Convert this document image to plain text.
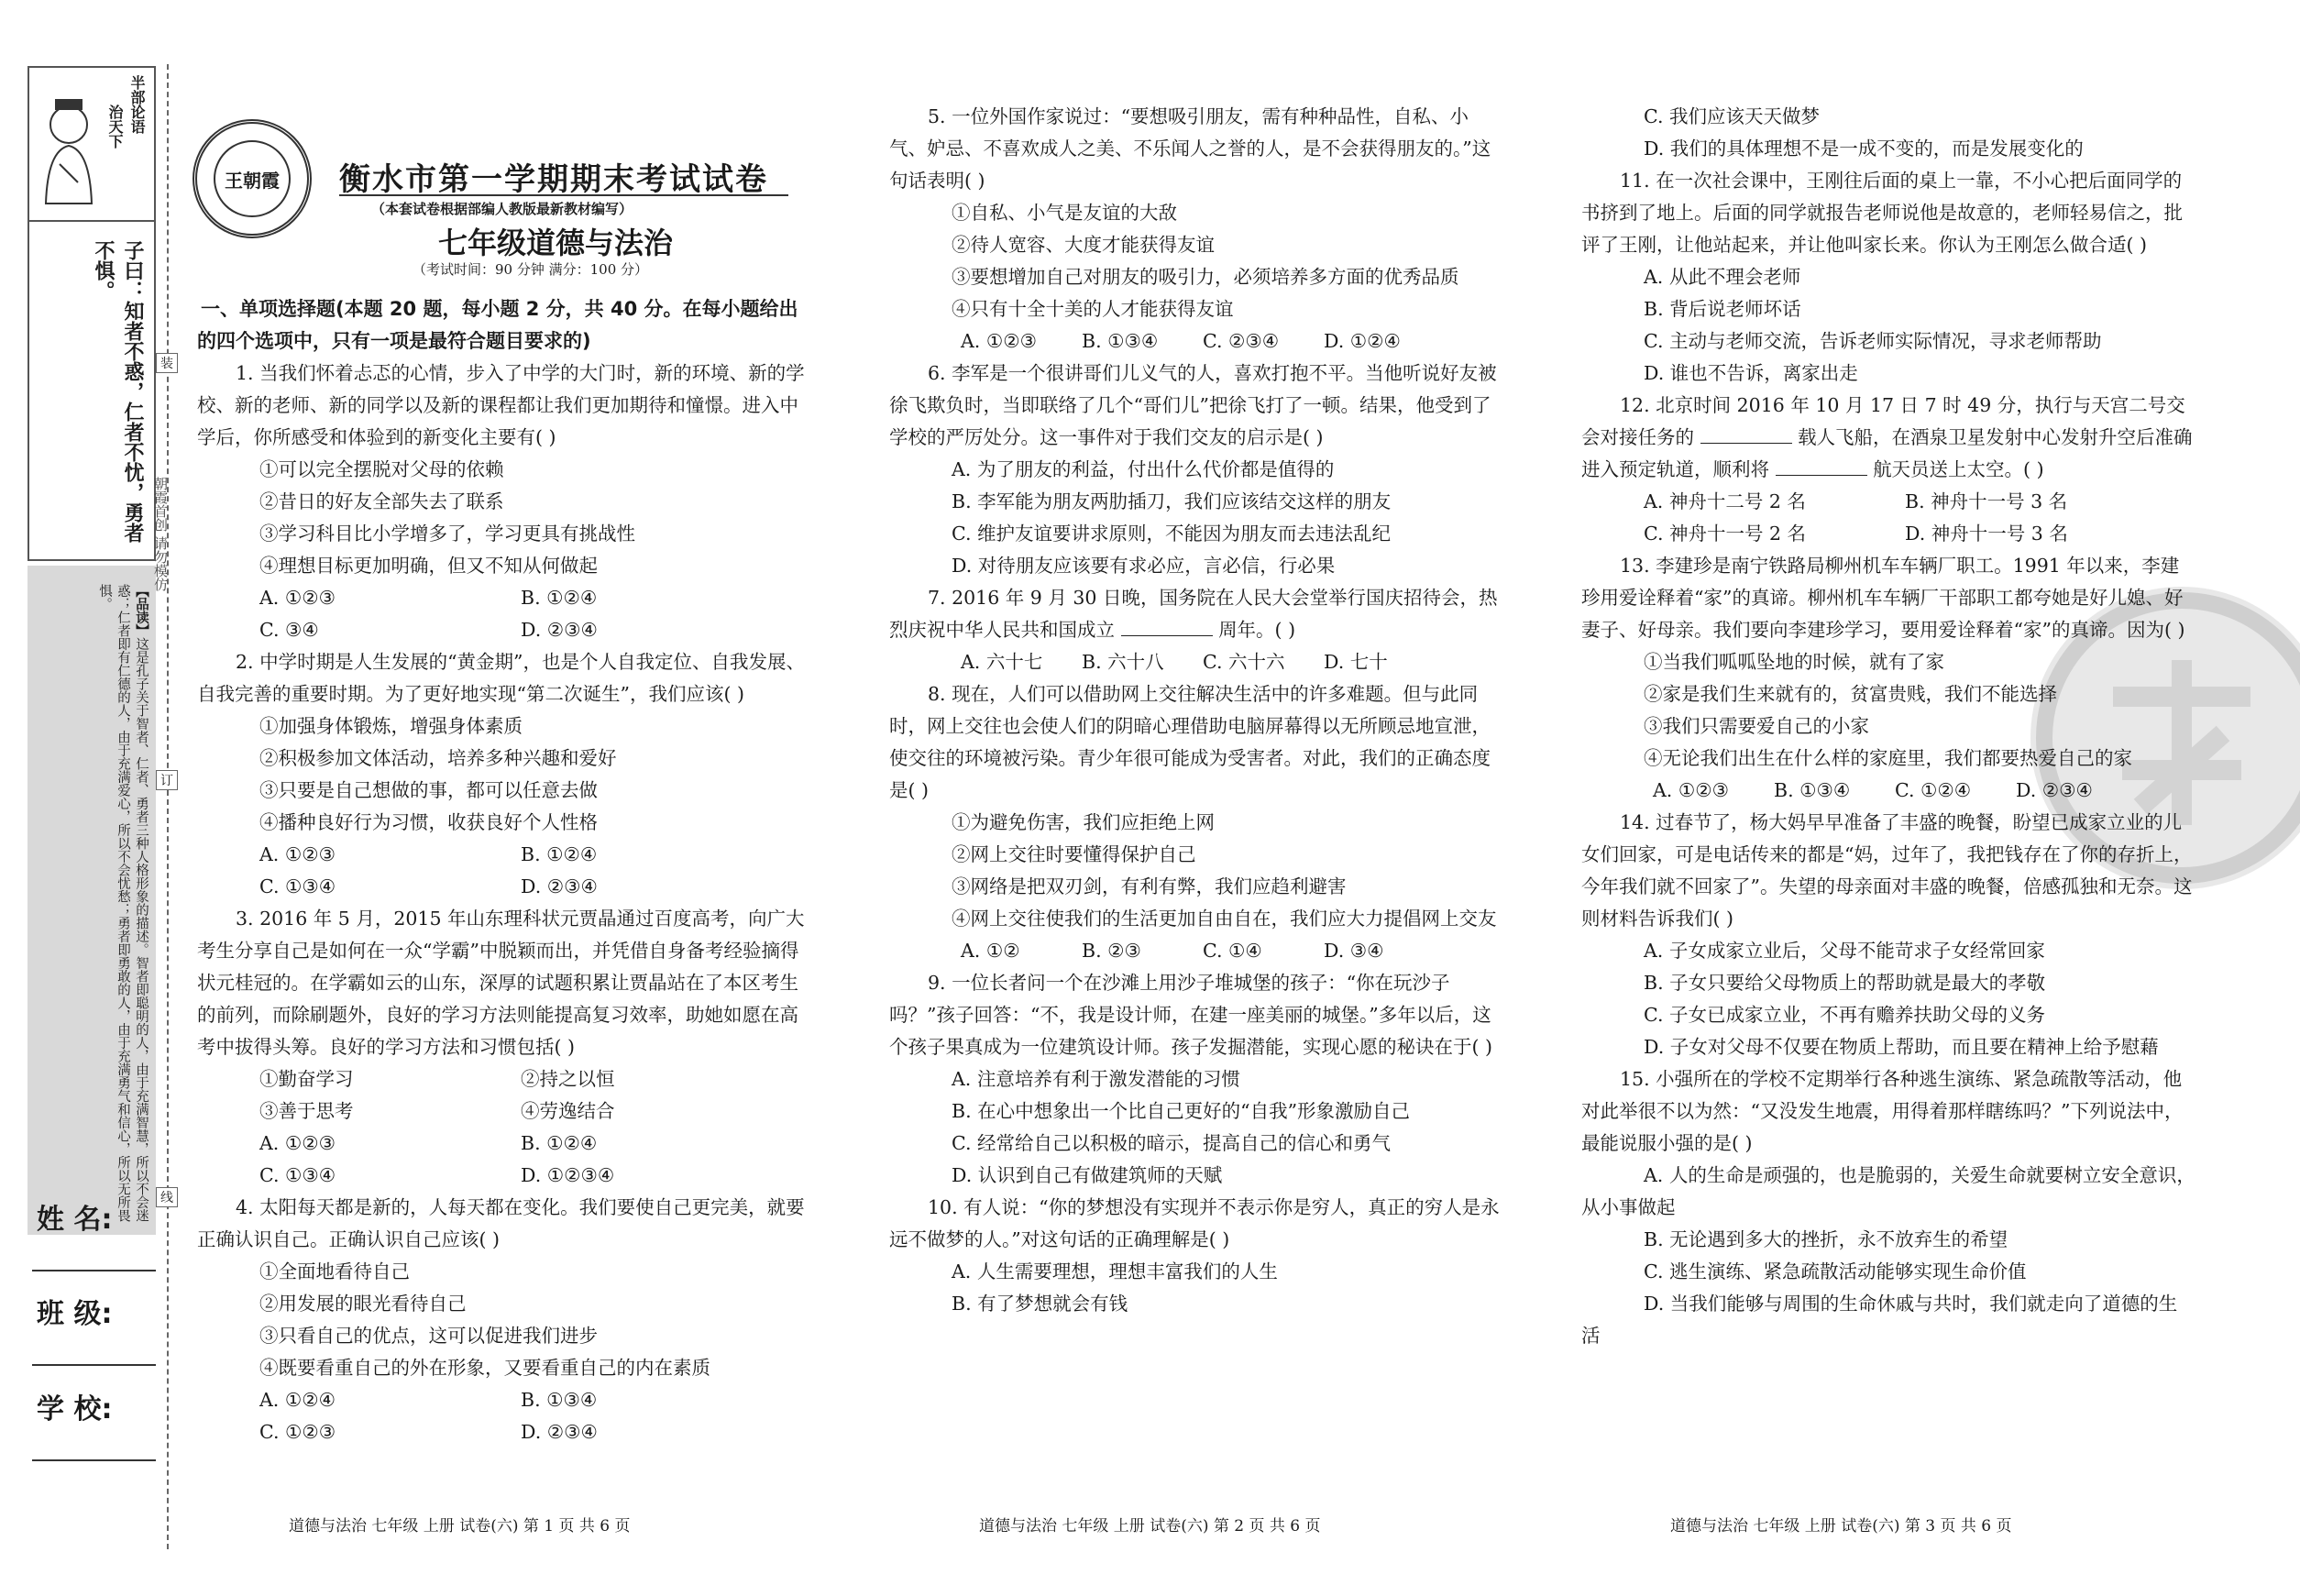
半部论语
治天下
子曰：知者不惑，仁者不忧，勇者不惧。
【品读】这是孔子关于智者、仁者、勇者三种人格形象的描述。智者即聪明的人，由于充满智慧，所以不会迷惑；仁者即有仁德的人，由于充满爱心，所以不会忧愁；勇者即勇敢的人，由于充满勇气和信心，所以无所畏惧。
姓 名:
班 级:
学 校:
装
订
线
朝霞首创 请勿模仿
王朝霞	衡水市第一学期期末考试试卷
（本套试卷根据部编人教版最新教材编写）
七年级道德与法治
（考试时间：90 分钟 满分：100 分）

一、单项选择题(本题 20 题，每小题 2 分，共 40 分。在每小题给出的四个选项中，只有一项是最符合题目要求的)

1. 当我们怀着忐忑的心情，步入了中学的大门时，新的环境、新的学校、新的老师、新的同学以及新的课程都让我们更加期待和憧憬。进入中学后，你所感受和体验到的新变化主要有( )

①可以完全摆脱对父母的依赖

②昔日的好友全部失去了联系

③学习科目比小学增多了，学习更具有挑战性

④理想目标更加明确，但又不知从何做起

A. ①②③	B. ①②④
C. ③④	D. ②③④

2. 中学时期是人生发展的“黄金期”，也是个人自我定位、自我发展、自我完善的重要时期。为了更好地实现“第二次诞生”，我们应该( )

①加强身体锻炼，增强身体素质

②积极参加文体活动，培养多种兴趣和爱好

③只要是自己想做的事，都可以任意去做

④播种良好行为习惯，收获良好个人性格

A. ①②③	B. ①②④
C. ①③④	D. ②③④

3. 2016 年 5 月，2015 年山东理科状元贾晶通过百度高考，向广大考生分享自己是如何在一众“学霸”中脱颖而出，并凭借自身备考经验摘得状元桂冠的。在学霸如云的山东，深厚的试题积累让贾晶站在了本区考生的前列，而除刷题外，良好的学习方法则能提高复习效率，助她如愿在高考中拔得头筹。良好的学习方法和习惯包括( )

①勤奋学习	②持之以恒
③善于思考	④劳逸结合
A. ①②③	B. ①②④
C. ①③④	D. ①②③④

4. 太阳每天都是新的，人每天都在变化。我们要使自己更完美，就要正确认识自己。正确认识自己应该( )

①全面地看待自己

②用发展的眼光看待自己

③只看自己的优点，这可以促进我们进步

④既要看重自己的外在形象，又要看重自己的内在素质

A. ①②④	B. ①③④
C. ①②③	D. ②③④
道德与法治 七年级 上册 试卷(六) 第 1 页 共 6 页

5. 一位外国作家说过：“要想吸引朋友，需有种种品性，自私、小气、妒忌、不喜欢成人之美、不乐闻人之誉的人，是不会获得朋友的。”这句话表明( )

①自私、小气是友谊的大敌

②待人宽容、大度才能获得友谊

③要想增加自己对朋友的吸引力，必须培养多方面的优秀品质

④只有十全十美的人才能获得友谊

A. ①②③	B. ①③④	C. ②③④	D. ①②④

6. 李军是一个很讲哥们儿义气的人，喜欢打抱不平。当他听说好友被徐飞欺负时，当即联络了几个“哥们儿”把徐飞打了一顿。结果，他受到了学校的严厉处分。这一事件对于我们交友的启示是( )

A. 为了朋友的利益，付出什么代价都是值得的

B. 李军能为朋友两肋插刀，我们应该结交这样的朋友

C. 维护友谊要讲求原则，不能因为朋友而去违法乱纪

D. 对待朋友应该要有求必应，言必信，行必果

7. 2016 年 9 月 30 日晚，国务院在人民大会堂举行国庆招待会，热烈庆祝中华人民共和国成立	周年。( )

A. 六十七	B. 六十八	C. 六十六	D. 七十

8. 现在，人们可以借助网上交往解决生活中的许多难题。但与此同时，网上交往也会使人们的阴暗心理借助电脑屏幕得以无所顾忌地宣泄，使交往的环境被污染。青少年很可能成为受害者。对此，我们的正确态度是( )

①为避免伤害，我们应拒绝上网

②网上交往时要懂得保护自己

③网络是把双刃剑，有利有弊，我们应趋利避害

④网上交往使我们的生活更加自由自在，我们应大力提倡网上交友

A. ①②	B. ②③	C. ①④	D. ③④

9. 一位长者问一个在沙滩上用沙子堆城堡的孩子：“你在玩沙子吗？”孩子回答：“不，我是设计师，在建一座美丽的城堡。”多年以后，这个孩子果真成为一位建筑设计师。孩子发掘潜能，实现心愿的秘诀在于( )

A. 注意培养有利于激发潜能的习惯

B. 在心中想象出一个比自己更好的“自我”形象激励自己

C. 经常给自己以积极的暗示，提高自己的信心和勇气

D. 认识到自己有做建筑师的天赋

10. 有人说：“你的梦想没有实现并不表示你是穷人，真正的穷人是永远不做梦的人。”对这句话的正确理解是( )

A. 人生需要理想，理想丰富我们的人生

B. 有了梦想就会有钱

道德与法治 七年级 上册 试卷(六) 第 2 页 共 6 页

C. 我们应该天天做梦

D. 我们的具体理想不是一成不变的，而是发展变化的

11. 在一次社会课中，王刚往后面的桌上一靠，不小心把后面同学的书挤到了地上。后面的同学就报告老师说他是故意的，老师轻易信之，批评了王刚，让他站起来，并让他叫家长来。你认为王刚怎么做合适( )

A. 从此不理会老师

B. 背后说老师坏话

C. 主动与老师交流，告诉老师实际情况，寻求老师帮助

D. 谁也不告诉，离家出走

12. 北京时间 2016 年 10 月 17 日 7 时 49 分，执行与天宫二号交会对接任务的	载人飞船，在酒泉卫星发射中心发射升空后准确进入预定轨道，顺利将	航天员送上太空。( )

A. 神舟十二号 2 名	B. 神舟十一号 3 名
C. 神舟十一号 2 名	D. 神舟十一号 3 名

13. 李建珍是南宁铁路局柳州机车车辆厂职工。1991 年以来，李建珍用爱诠释着“家”的真谛。柳州机车车辆厂干部职工都夸她是好儿媳、好妻子、好母亲。我们要向李建珍学习，要用爱诠释着“家”的真谛。因为( )

①当我们呱呱坠地的时候，就有了家

②家是我们生来就有的，贫富贵贱，我们不能选择

③我们只需要爱自己的小家

④无论我们出生在什么样的家庭里，我们都要热爱自己的家

A. ①②③	B. ①③④	C. ①②④	D. ②③④

14. 过春节了，杨大妈早早准备了丰盛的晚餐，盼望已成家立业的儿女们回家，可是电话传来的都是“妈，过年了，我把钱存在了你的存折上，今年我们就不回家了”。失望的母亲面对丰盛的晚餐，倍感孤独和无奈。这则材料告诉我们( )

A. 子女成家立业后，父母不能苛求子女经常回家

B. 子女只要给父母物质上的帮助就是最大的孝敬

C. 子女已成家立业，不再有赡养扶助父母的义务

D. 子女对父母不仅要在物质上帮助，而且要在精神上给予慰藉

15. 小强所在的学校不定期举行各种逃生演练、紧急疏散等活动，他对此举很不以为然：“又没发生地震，用得着那样瞎练吗？”下列说法中，最能说服小强的是( )

A. 人的生命是顽强的，也是脆弱的，关爱生命就要树立安全意识，从小事做起

B. 无论遇到多大的挫折，永不放弃生的希望

C. 逃生演练、紧急疏散活动能够实现生命价值

D. 当我们能够与周围的生命休戚与共时，我们就走向了道德的生活

道德与法治 七年级 上册 试卷(六) 第 3 页 共 6 页
